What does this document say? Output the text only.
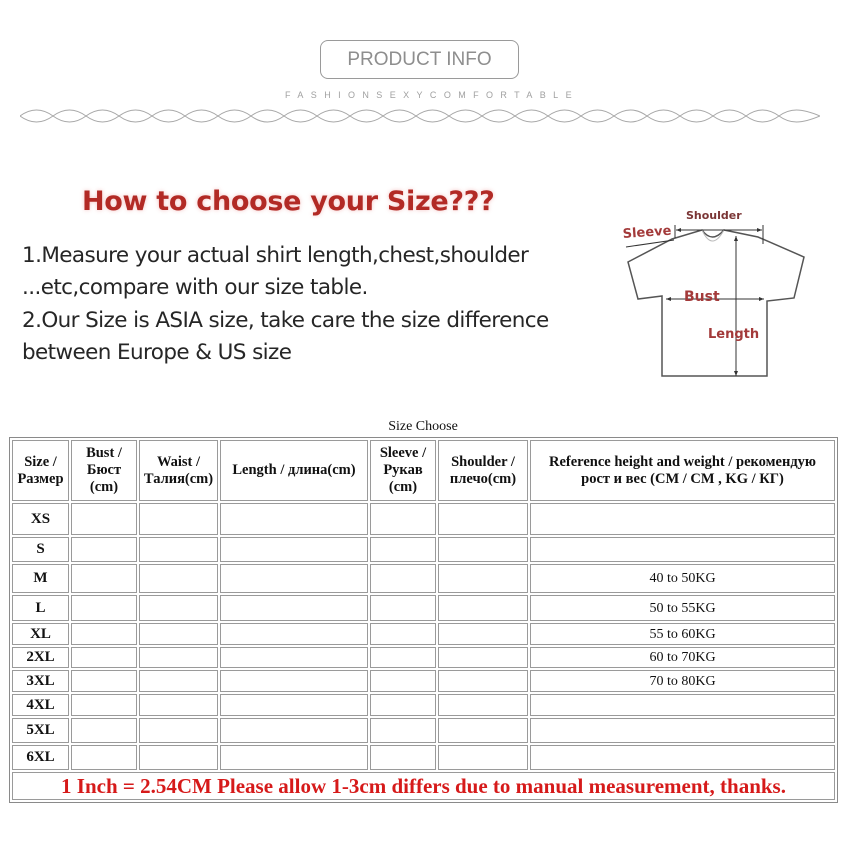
PRODUCT INFO
FASHIONSEXYCOMFORTABLE
How to choose your Size???

1.Measure your actual shirt length,chest,shoulder ...etc,compare with our size table.

2.Our Size is ASIA size, take care the size difference between Europe & US size

Shoulder
Sleeve
Bust
Length
Size Choose
Size / Размер	Bust / Бюст (cm)	Waist / Талия(cm)	Length / длина(cm)	Sleeve / Рукав (cm)	Shoulder / плечо(cm)	Reference height and weight / рекомендую рост и вес (CM / CM , KG / КГ)
XS						
S						
M						40 to 50KG
L						50 to 55KG
XL						55 to 60KG
2XL						60 to 70KG
3XL						70 to 80KG
4XL						
5XL						
6XL						
1 Inch = 2.54CM Please allow 1-3cm differs due to manual measurement, thanks.						
